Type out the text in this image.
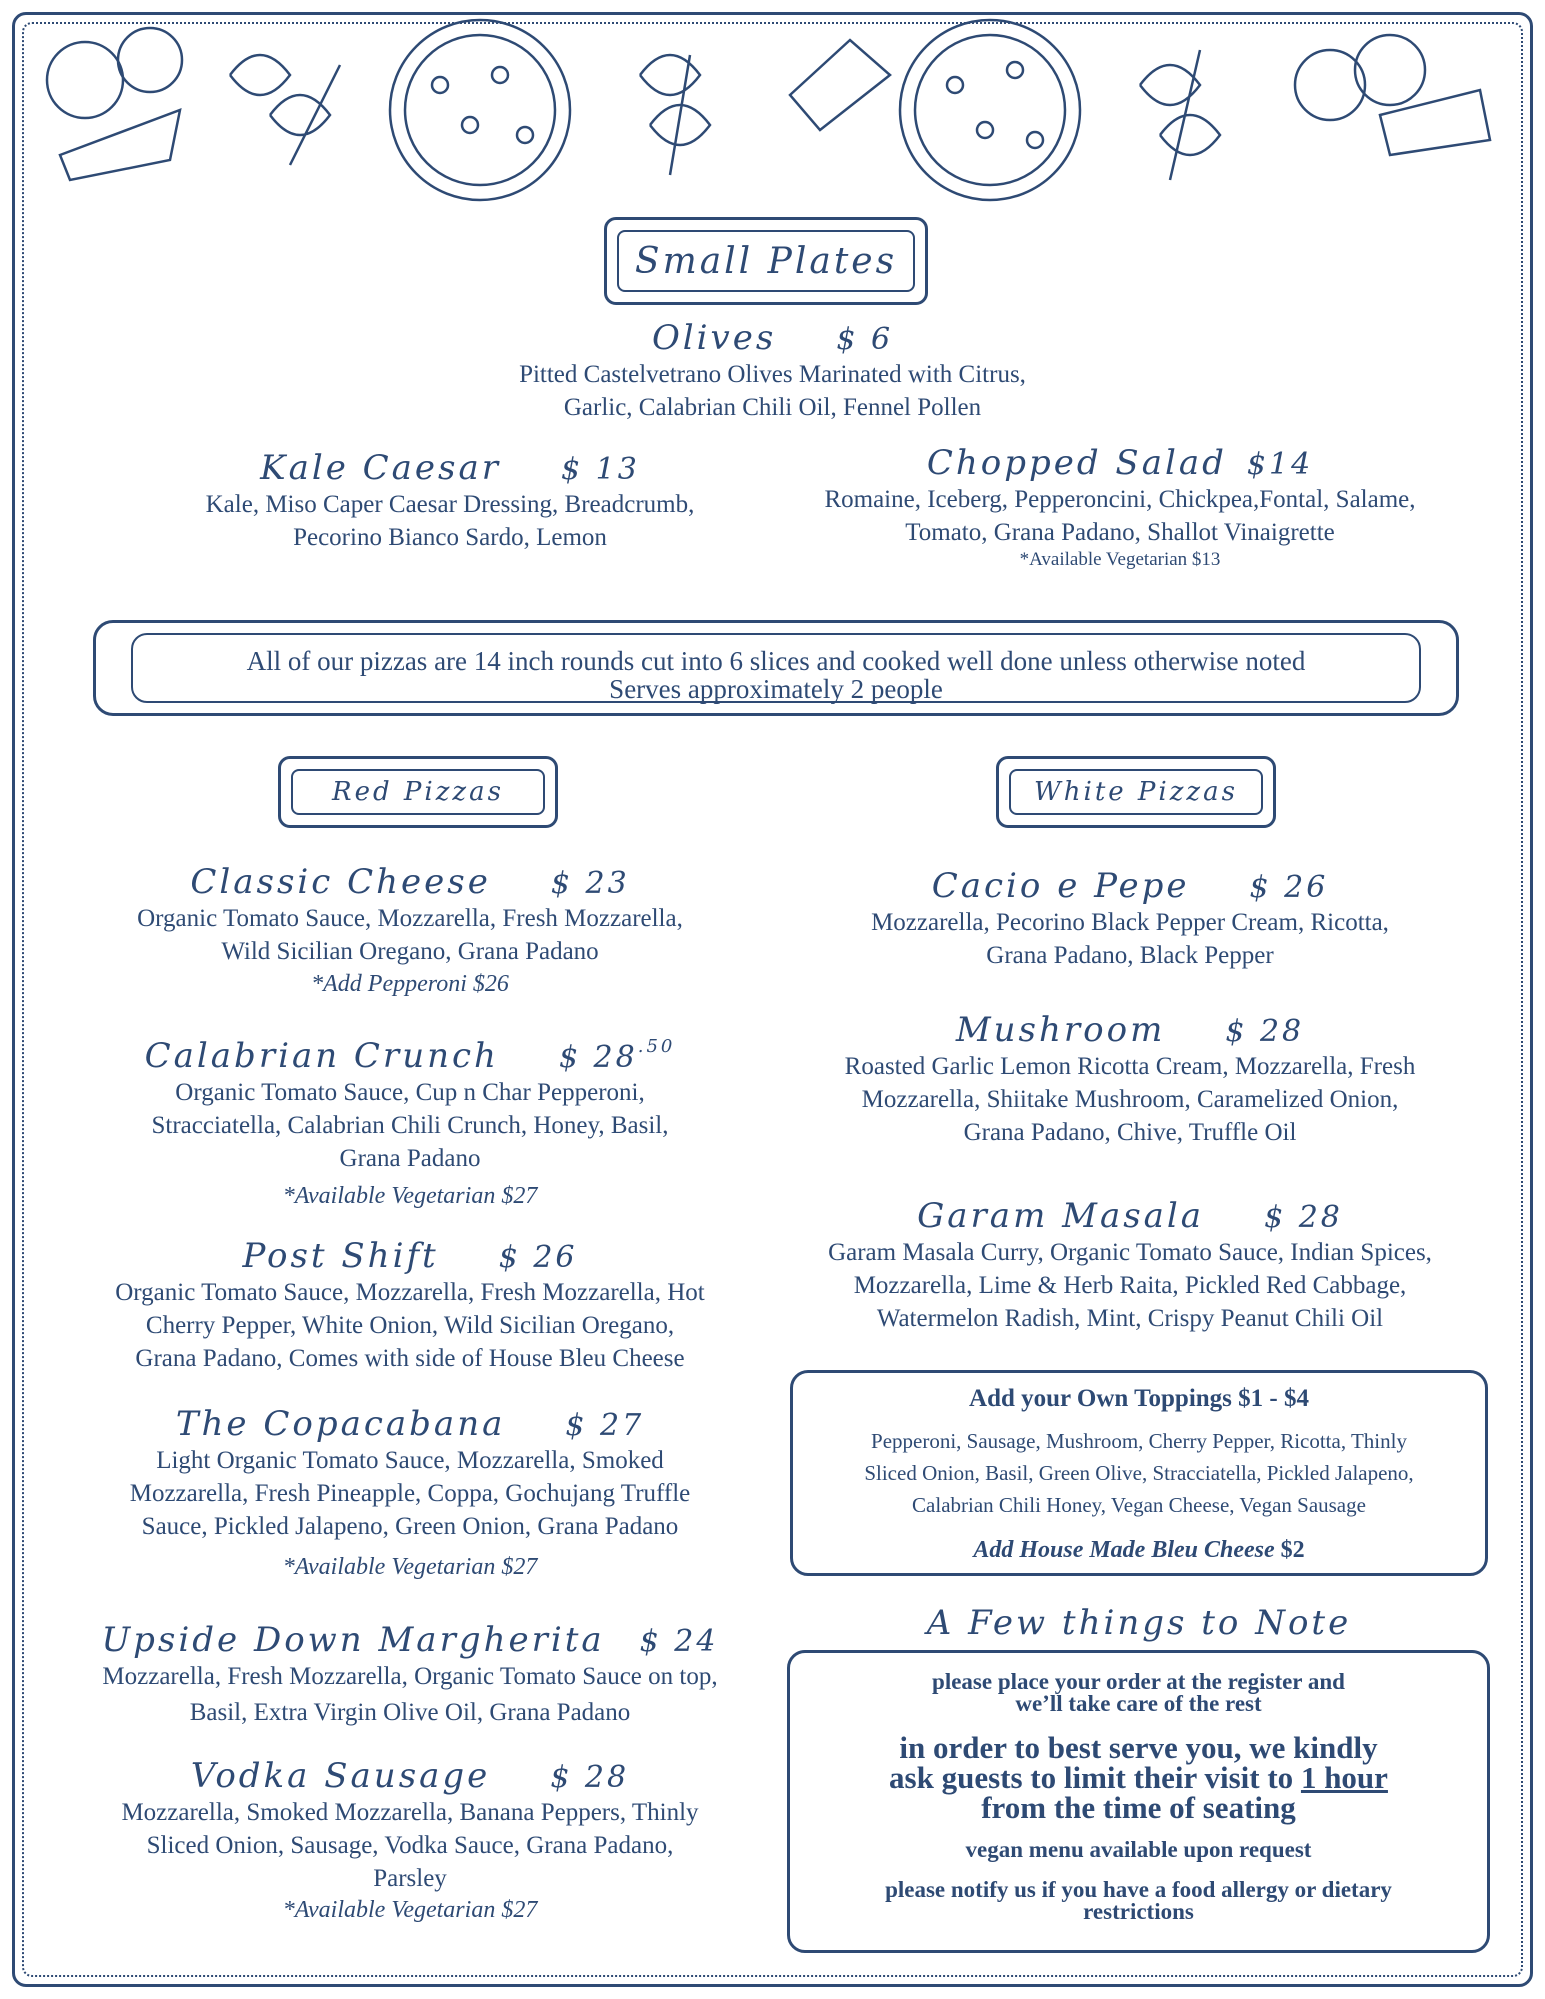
Small Plates
Olives $ 6
Pitted Castelvetrano Olives Marinated with Citrus,
Garlic, Calabrian Chili Oil, Fennel Pollen
Kale Caesar $ 13
Kale, Miso Caper Caesar Dressing, Breadcrumb,
Pecorino Bianco Sardo, Lemon
Chopped Salad $14
Romaine, Iceberg, Pepperoncini, Chickpea,Fontal, Salame,
Tomato, Grana Padano, Shallot Vinaigrette
*Available Vegetarian $13
All of our pizzas are 14 inch rounds cut into 6 slices and cooked well done unless otherwise noted
Serves approximately 2 people
Red Pizzas	White Pizzas
Classic Cheese $ 23
Organic Tomato Sauce, Mozzarella, Fresh Mozzarella,
Wild Sicilian Oregano, Grana Padano
*Add Pepperoni $26
Calabrian Crunch $ $28^{.50}$
Organic Tomato Sauce, Cup n Char Pepperoni,
Stracciatella, Calabrian Chili Crunch, Honey, Basil,
Grana Padano
*Available Vegetarian $27
Post Shift $ 26
Organic Tomato Sauce, Mozzarella, Fresh Mozzarella, Hot
Cherry Pepper, White Onion, Wild Sicilian Oregano,
Grana Padano, Comes with side of House Bleu Cheese
The Copacabana $ 27
Light Organic Tomato Sauce, Mozzarella, Smoked
Mozzarella, Fresh Pineapple, Coppa, Gochujang Truffle
Sauce, Pickled Jalapeno, Green Onion, Grana Padano
*Available Vegetarian $27
Upside Down Margherita $ 24
Mozzarella, Fresh Mozzarella, Organic Tomato Sauce on top,
Basil, Extra Virgin Olive Oil, Grana Padano
Vodka Sausage $ 28
Mozzarella, Smoked Mozzarella, Banana Peppers, Thinly
Sliced Onion, Sausage, Vodka Sauce, Grana Padano,
Parsley
*Available Vegetarian $27
Cacio e Pepe $ 26
Mozzarella, Pecorino Black Pepper Cream, Ricotta,
Grana Padano, Black Pepper
Mushroom $ 28
Roasted Garlic Lemon Ricotta Cream, Mozzarella, Fresh
Mozzarella, Shiitake Mushroom, Caramelized Onion,
Grana Padano, Chive, Truffle Oil
Garam Masala $ 28
Garam Masala Curry, Organic Tomato Sauce, Indian Spices,
Mozzarella, Lime & Herb Raita, Pickled Red Cabbage,
Watermelon Radish, Mint, Crispy Peanut Chili Oil
Add your Own Toppings $1 - $4
Pepperoni, Sausage, Mushroom, Cherry Pepper, Ricotta, Thinly
Sliced Onion, Basil, Green Olive, Stracciatella, Pickled Jalapeno,
Calabrian Chili Honey, Vegan Cheese, Vegan Sausage
Add House Made Bleu Cheese $2
A Few things to Note
please place your order at the register and
we’ll take care of the rest
in order to best serve you, we kindly
ask guests to limit their visit to 1 hour
from the time of seating
vegan menu available upon request
please notify us if you have a food allergy or dietary
restrictions
